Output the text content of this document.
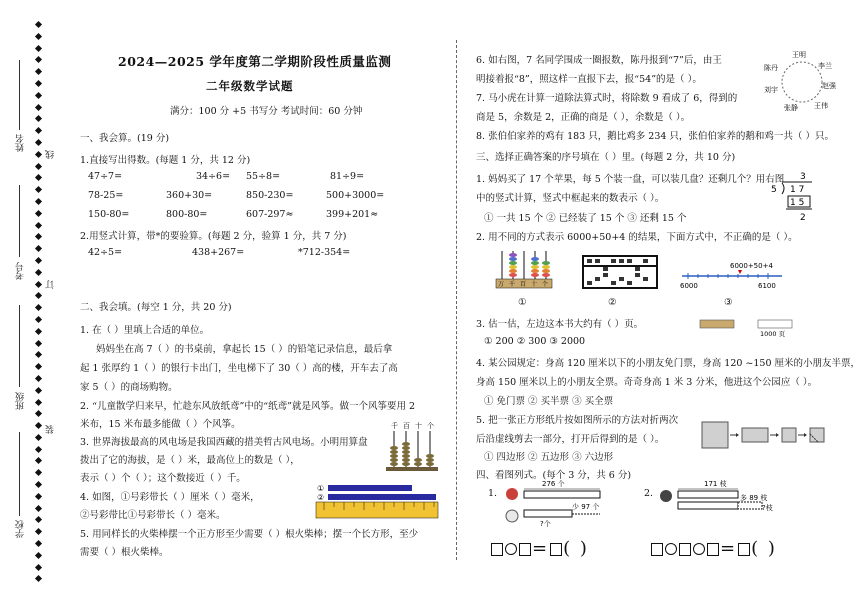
姓名
考号
班级
学校
线
订
装
2024—2025 学年度第二学期阶段性质量监测
二年级数学试题
满分：100 分 +5 书写分 考试时间：60 分钟
一、我会算。(19 分)
1.直接写出得数。(每题 1 分，共 12 分)
47÷7=	34÷6= 55÷8=	81÷9=
78-25=	360+30=	850-230=	500+3000=
150-80=	800-80=	607-297≈	399+201≈
2.用竖式计算，带*的要验算。(每题 2 分，验算 1 分，共 7 分)
42÷5=	438+267=	*712-354=
二、我会填。(每空 1 分，共 20 分)
1. 在（ ）里填上合适的单位。
妈妈坐在高 7（ ）的书桌前，拿起长 15（ ）的铅笔记录信息，最后拿
起 1 张厚约 1（ ）的银行卡出门，坐电梯下了 30（ ）高的楼，开车去了高
家 5（ ）的商场购物。
2. “儿童散学归来早，忙趁东风放纸鸢”中的“纸鸢”就是风筝。做一个风筝要用 2
米布，15 米布最多能做（ ）个风筝。
3. 世界海拔最高的风电场是我国西藏的措美哲古风电场。小明用算盘
拨出了它的海拔，是（ ）米，最高位上的数是（ ），
表示（ ）个（ ）；这个数接近（ ）千。
千 百 十 个
4. 如图，①号彩带长（ ）厘米（ ）毫米，
②号彩带比①号彩带长（ ）毫米。
①
②
5. 用同样长的火柴棒摆一个正方形至少需要（ ）根火柴棒；摆一个长方形，至少
需要（ ）根火柴棒。
6. 如右图，7 名同学围成一圈报数，陈丹报到“7”后，由王
明接着报“8”，照这样一直报下去，报“54”的是（ ）。
王明
李兰
赵强
王伟
张静
刘宇
陈丹
7. 马小虎在计算一道除法算式时，将除数 9 看成了 6，得到的
商是 5，余数是 2，正确的商是（ ），余数是（ ）。
8. 张伯伯家养的鸡有 183 只，鹅比鸡多 234 只，张伯伯家养的鹅和鸡一共（ ）只。
三、选择正确答案的序号填在（ ）里。(每题 2 分，共 10 分)
1. 妈妈买了 17 个苹果，每 5 个装一盘，可以装几盘？还剩几个？用右图
中的竖式计算，竖式中框起来的数表示（ ）。
① 一共 15 个 ② 已经装了 15 个 ③ 还剩 15 个
3
5 1 7
1 5
2
2. 用不同的方式表示 6000+50+4 的结果，下面方式中，不正确的是（ ）。
万 千 百 十 个
6000+50+4
6000	6100
①	②	③
3. 估一估，左边这本书大约有（ ）页。
1000 页
① 200 ② 300 ③ 2000
4. 某公园规定：身高 120 厘米以下的小朋友免门票，身高 120 ~150 厘米的小朋友半票，
身高 150 厘米以上的小朋友全票。奇奇身高 1 米 3 分米，他进这个公园应（ ）。
① 免门票 ② 买半票 ③ 买全票
5. 把一张正方形纸片按如图所示的方法对折两次
后沿虚线剪去一部分，打开后得到的是（ ）。
① 四边形 ② 五边形 ③ 六边形
四、看图列式。(每个 3 分，共 6 分)
1.
276 个
少 97 个
?个
2.
171 枝
多 89 枝
?枝
= ( )	= ( )
